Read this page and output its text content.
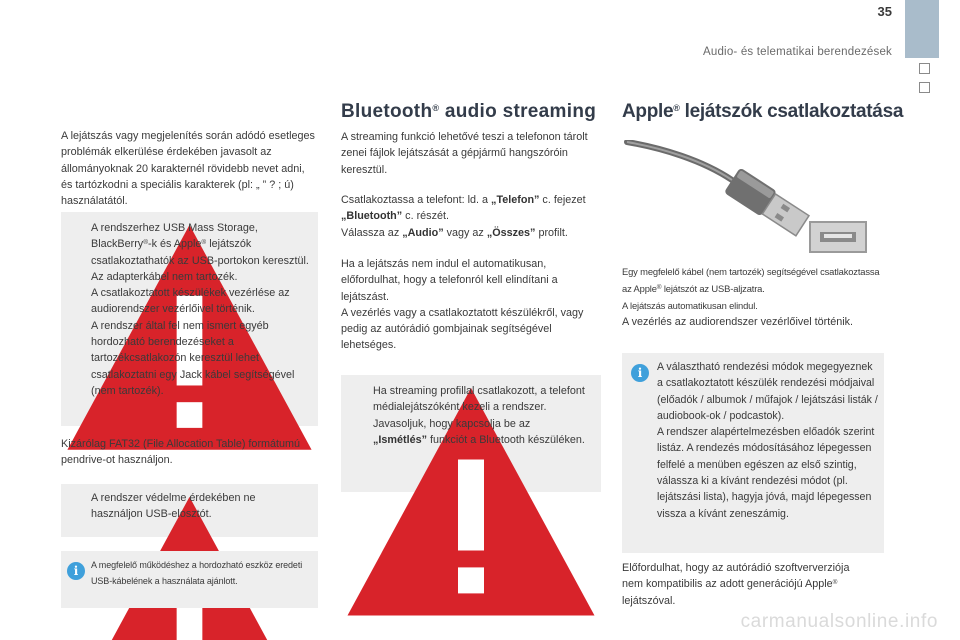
35
Audio- és telematikai berendezések
A lejátszás vagy megjelenítés során adódó esetleges problémák elkerülése érdekében javasolt az állományoknak 20 karakternél rövidebb nevet adni, és tartózkodni a speciális karakterek (pl: „ ” ? ; ú) használatától.
A rendszerhez USB Mass Storage,
BlackBerry®-k és Apple® lejátszók
csatlakoztathatók az USB-portokon keresztül. Az adapterkábel nem tartozék.
A csatlakoztatott készülékek vezérlése az audiorendszer vezérlőivel történik.
A rendszer által fel nem ismert egyéb hordozható berendezéseket a tartozékcsatlakozón keresztül lehet csatlakoztatni egy Jack kábel segítségével (nem tartozék).
Kizárólag FAT32 (File Allocation Table) formátumú pendrive-ot használjon.
A rendszer védelme érdekében ne használjon USB-elosztót.
i	A megfelelő működéshez a hordozható eszköz eredeti USB-kábelének a használata ajánlott.
Bluetooth® audio streaming
A streaming funkció lehetővé teszi a telefonon tárolt zenei fájlok lejátszását a gépjármű hangszóróin keresztül.
Csatlakoztassa a telefont: ld. a „Telefon” c. fejezet „Bluetooth” c. részét.
Válassza az „Audio” vagy az „Összes” profilt.
Ha a lejátszás nem indul el automatikusan, előfordulhat, hogy a telefonról kell elindítani a lejátszást.
A vezérlés vagy a csatlakoztatott készülékről, vagy pedig az autórádió gombjainak segítségével lehetséges.
Ha streaming profillal csatlakozott, a telefont médialejátszóként kezeli a rendszer.
Javasoljuk, hogy kapcsolja be az
„Ismétlés” funkciót a Bluetooth készüléken.
Apple® lejátszók csatlakoztatása
Egy megfelelő kábel (nem tartozék) segítségével csatlakoztassa az Apple® lejátszót az USB-aljzatra.
A lejátszás automatikusan elindul.
A vezérlés az audiorendszer vezérlőivel történik.
i	A választható rendezési módok megegyeznek a csatlakoztatott készülék rendezési módjaival (előadók / albumok / műfajok / lejátszási listák / audiobook-ok / podcastok).
A rendszer alapértelmezésben előadók szerint listáz. A rendezés módosításához lépegessen felfelé a menüben egészen az első szintig, válassza ki a kívánt rendezési módot (pl. lejátszási lista), hagyja jóvá, majd lépegessen vissza a kívánt zeneszámig.
Előfordulhat, hogy az autórádió szoftververziója nem kompatibilis az adott generációjú Apple® lejátszóval.
carmanualsonline.info
